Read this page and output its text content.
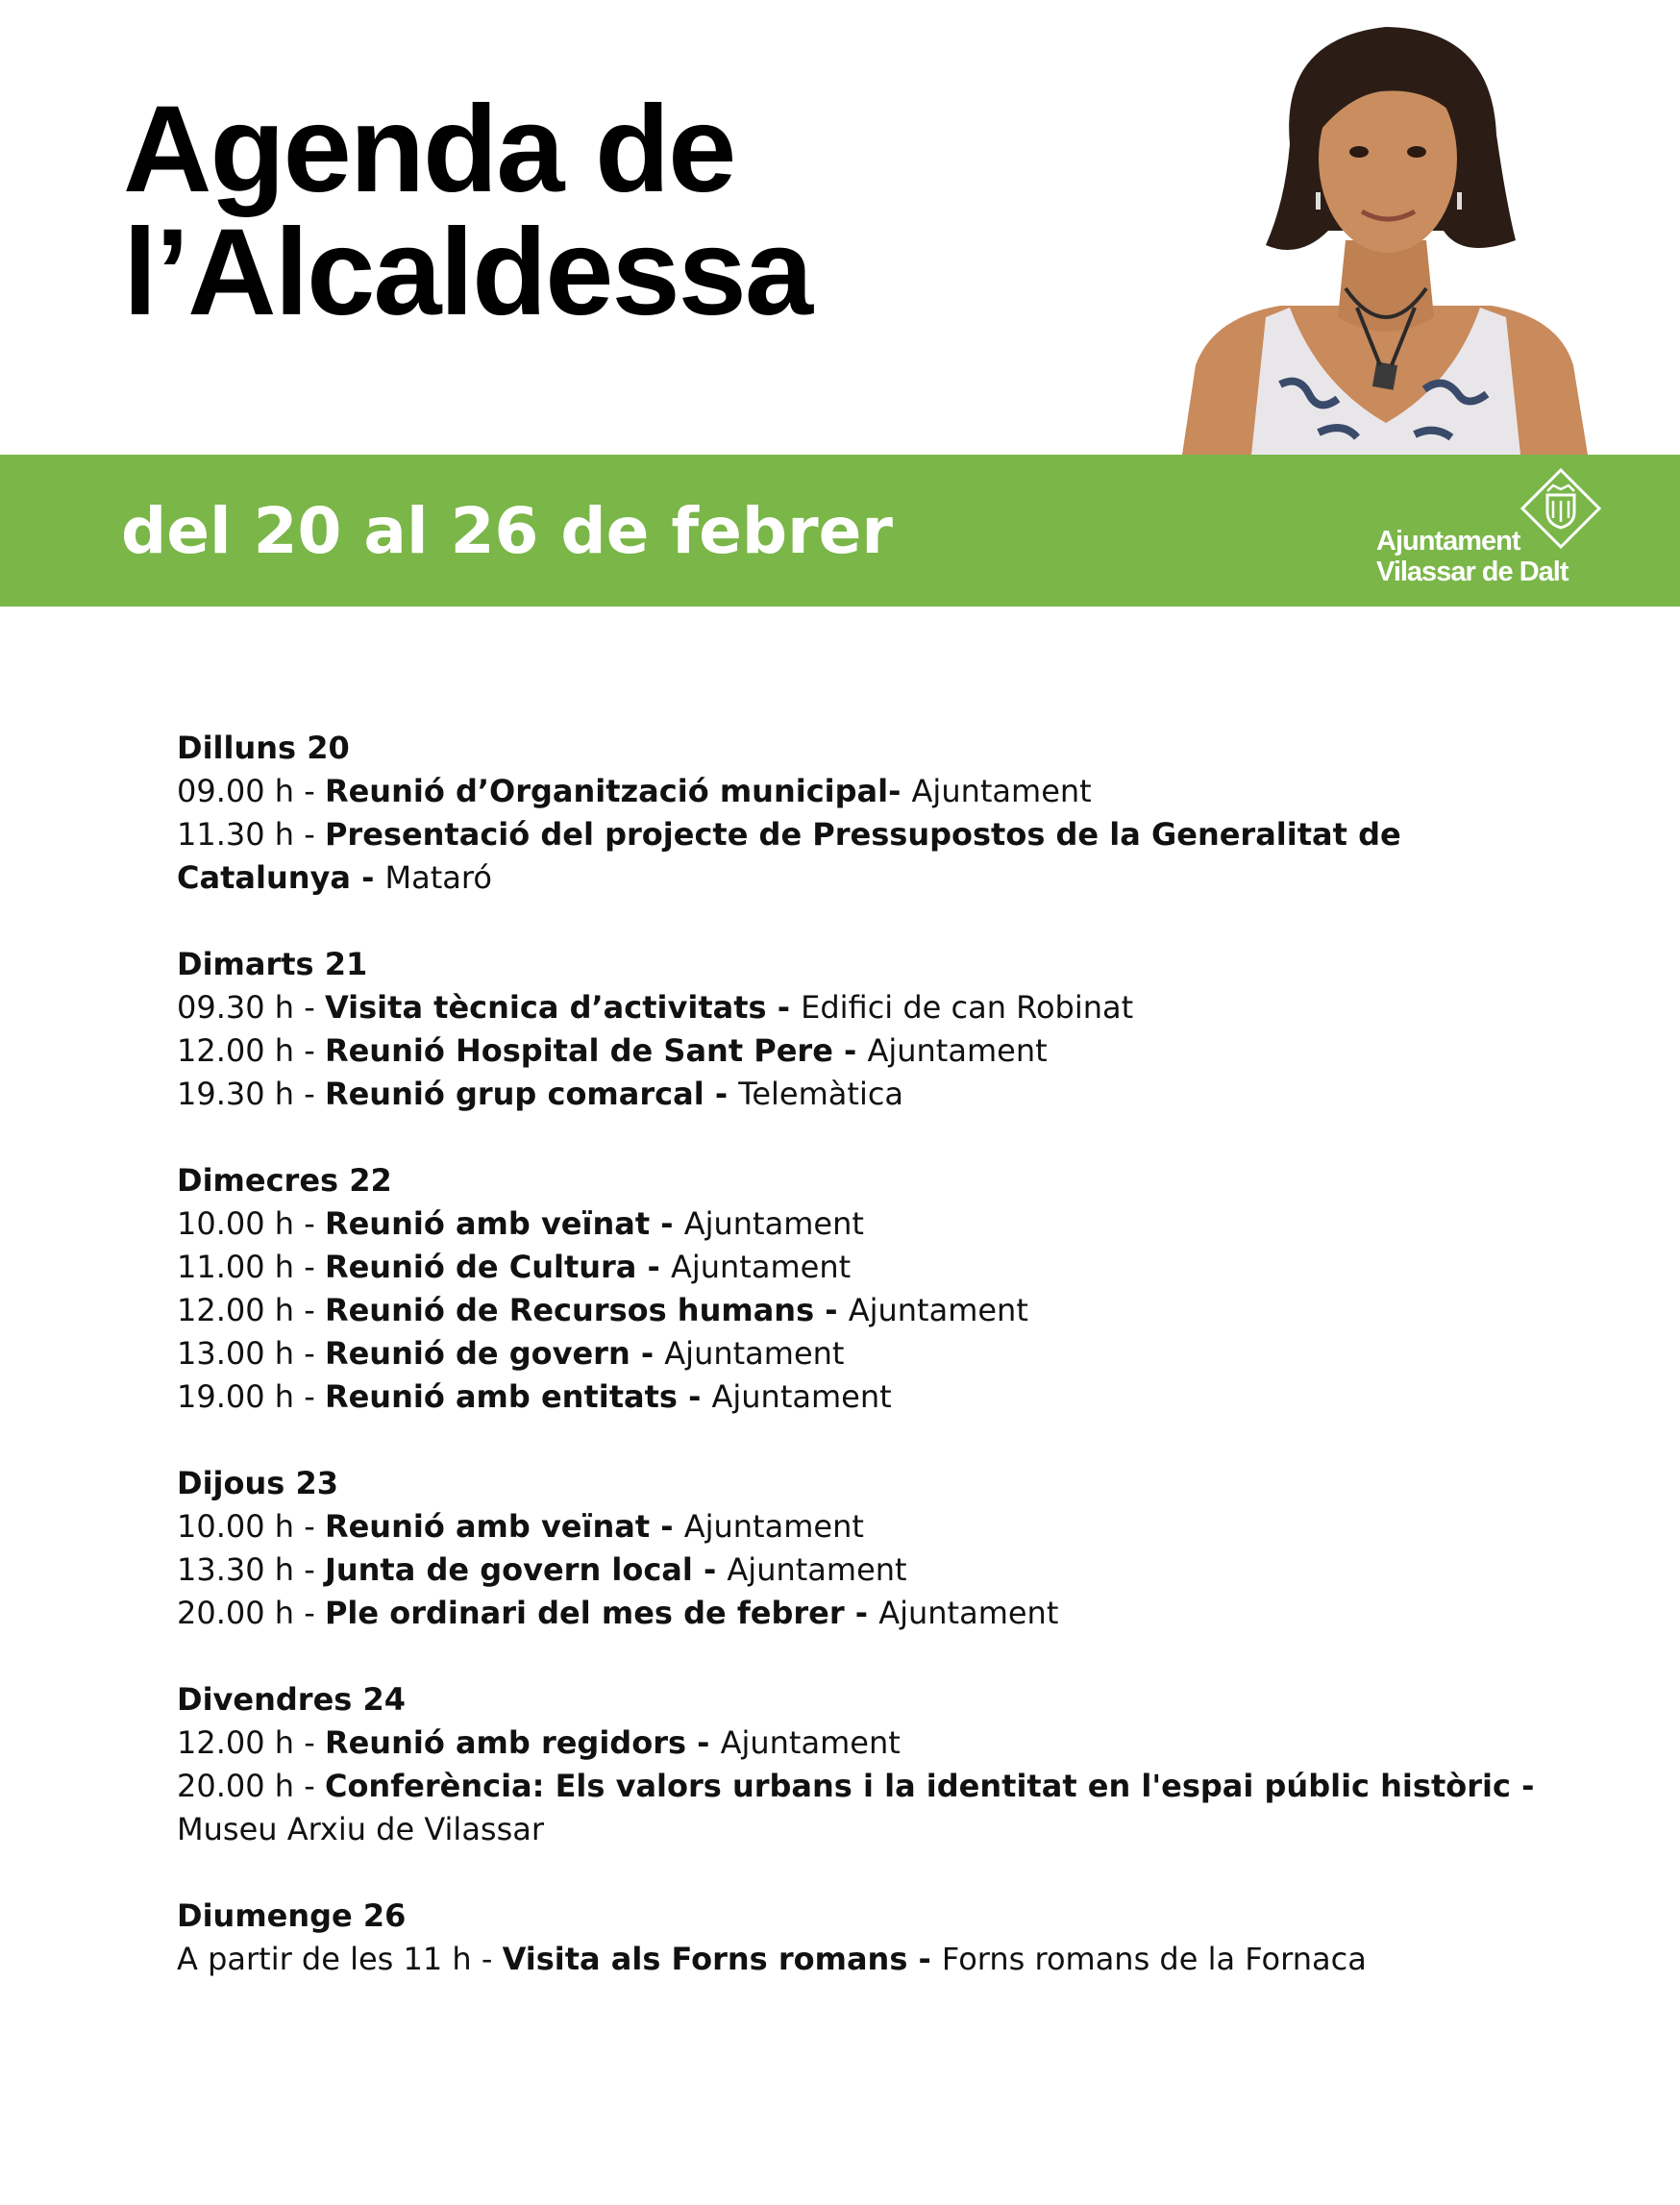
Agenda de
l’Alcaldessa
del 20 al 26 de febrer	Ajuntament
Vilassar de Dalt
Dilluns 20
09.00 h - Reunió d’Organització municipal- Ajuntament
11.30 h - Presentació del projecte de Pressupostos de la Generalitat de Catalunya - Mataró
Dimarts 21
09.30 h - Visita tècnica d’activitats - Edifici de can Robinat
12.00 h - Reunió Hospital de Sant Pere - Ajuntament
19.30 h - Reunió grup comarcal - Telemàtica
Dimecres 22
10.00 h - Reunió amb veïnat - Ajuntament
11.00 h - Reunió de Cultura - Ajuntament
12.00 h - Reunió de Recursos humans - Ajuntament
13.00 h - Reunió de govern - Ajuntament
19.00 h - Reunió amb entitats - Ajuntament
Dijous 23
10.00 h - Reunió amb veïnat - Ajuntament
13.30 h - Junta de govern local - Ajuntament
20.00 h - Ple ordinari del mes de febrer - Ajuntament
Divendres 24
12.00 h - Reunió amb regidors - Ajuntament
20.00 h - Conferència: Els valors urbans i la identitat en l'espai públic històric - Museu Arxiu de Vilassar
Diumenge 26
A partir de les 11 h - Visita als Forns romans - Forns romans de la Fornaca
